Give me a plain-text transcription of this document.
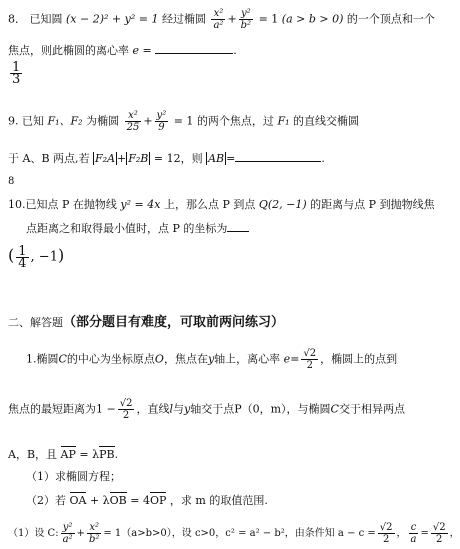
8． 已知圆 (x − 2)² + y² = 1 经过椭圆 $\frac{\text{x²}}{\text{a²}} + \frac{\text{y²}}{\text{b²}} = 1$ (a > b > 0) 的一个顶点和一个
焦点，则此椭圆的离心率 e =	.
$\frac{1}{3}$
9. 已知 F₁、F₂ 为椭圆 $\frac{\text{x²}}{25} + \frac{\text{y²}}{9} = 1$ 的两个焦点，过 F₁ 的直线交椭圆
于 A、B 两点,若 F₂A + F₂B = 12，则 AB =	.
8
10.已知点 P 在抛物线 y² = 4x 上，那么点 P 到点 Q(2, −1) 的距离与点 P 到抛物线焦
点距离之和取得最小值时，点 P 的坐标为
( $\frac{1}{4}$ , −1)
二、解答题（部分题目有难度，可取前两问练习）
1.椭圆C的中心为坐标原点O，焦点在y轴上，离心率 $e= \frac{√2}{2}$ ，椭圆上的点到
焦点的最短距离为$1 - \frac{√2}{2}$ ，直线l与y轴交于点P（0，m），与椭圆C交于相异两点
A，B，且 AP = λPB.
（1）求椭圆方程；
（2）若 OA + λOB = 4OP ，求 m 的取值范围.
（1）设 C: $\frac{\text{y²}}{\text{a²}} + \frac{\text{x²}}{\text{b²}} = 1(a>b>0)$，设 c>0，c² = a² − b²，由条件知 $a - c = \frac{√2}{2}$ ， $\frac{c}{a} = \frac{√2}{2}$ ，
